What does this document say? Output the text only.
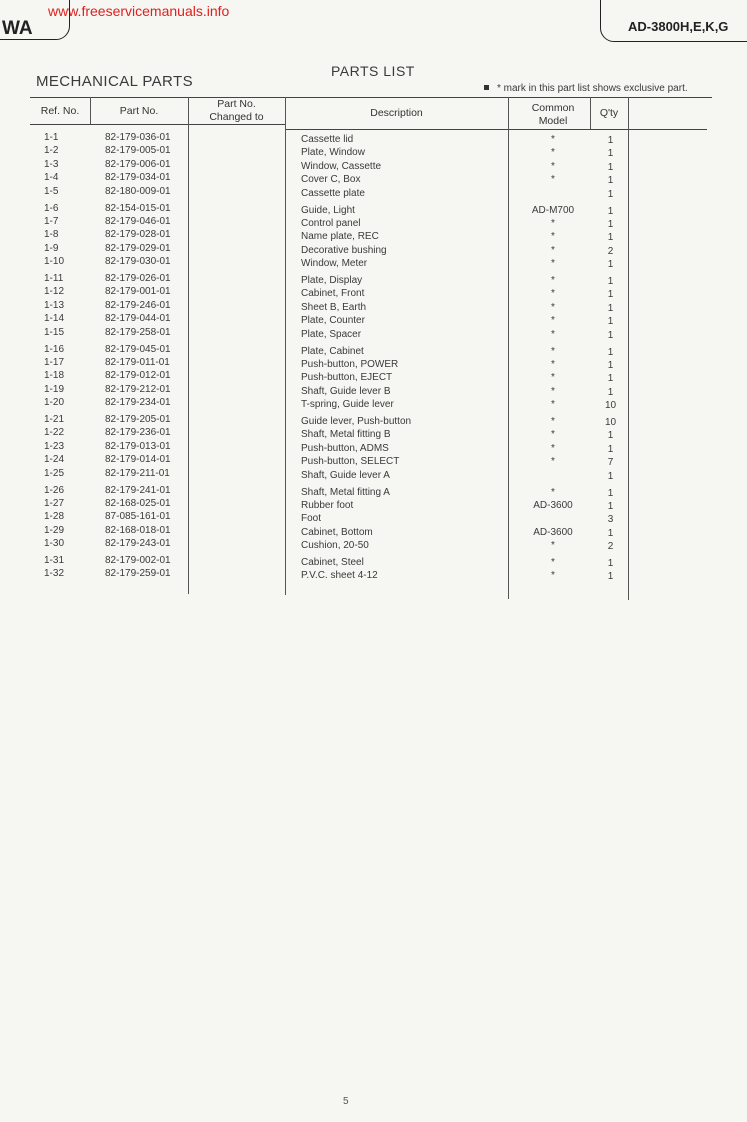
www.freeservicemanuals.info
WA	AD-3800H,E,K,G
MECHANICAL PARTS
PARTS LIST
* mark in this part list shows exclusive part.
Ref. No.	Part No.
Part No.
Changed to	Description	Common
Model
Q'ty
1-1	82-179-036-01	Cassette lid	*	1
1-2	82-179-005-01	Plate, Window	*	1
1-3	82-179-006-01	Window, Cassette	*	1
1-4	82-179-034-01	Cover C, Box	*	1
1-5	82-180-009-01	Cassette plate	1
1-6	82-154-015-01	Guide, Light	AD-M700	1
1-7	82-179-046-01	Control panel	*	1
1-8	82-179-028-01	Name plate, REC	*	1
1-9	82-179-029-01	Decorative bushing	*	2
1-10	82-179-030-01	Window, Meter	*	1
1-11	82-179-026-01	Plate, Display	*	1
1-12	82-179-001-01	Cabinet, Front	*	1
1-13	82-179-246-01	Sheet B, Earth	*	1
1-14	82-179-044-01	Plate, Counter	*	1
1-15	82-179-258-01	Plate, Spacer	*	1
1-16	82-179-045-01	Plate, Cabinet	*	1
1-17	82-179-011-01	Push-button, POWER	*	1
1-18	82-179-012-01	Push-button, EJECT	*	1
1-19	82-179-212-01	Shaft, Guide lever B	*	1
1-20	82-179-234-01	T-spring, Guide lever	*	10
1-21	82-179-205-01	Guide lever, Push-button	*	10
1-22	82-179-236-01	Shaft, Metal fitting B	*	1
1-23	82-179-013-01	Push-button, ADMS	*	1
1-24	82-179-014-01	Push-button, SELECT	*	7
1-25	82-179-211-01	Shaft, Guide lever A	1
1-26	82-179-241-01	Shaft, Metal fitting A	*	1
1-27	82-168-025-01	Rubber foot	AD-3600	1
1-28	87-085-161-01	Foot	3
1-29	82-168-018-01	Cabinet, Bottom	AD-3600	1
1-30	82-179-243-01	Cushion, 20-50	*	2
1-31	82-179-002-01	Cabinet, Steel	*	1
1-32	82-179-259-01	P.V.C. sheet 4-12	*	1
5
